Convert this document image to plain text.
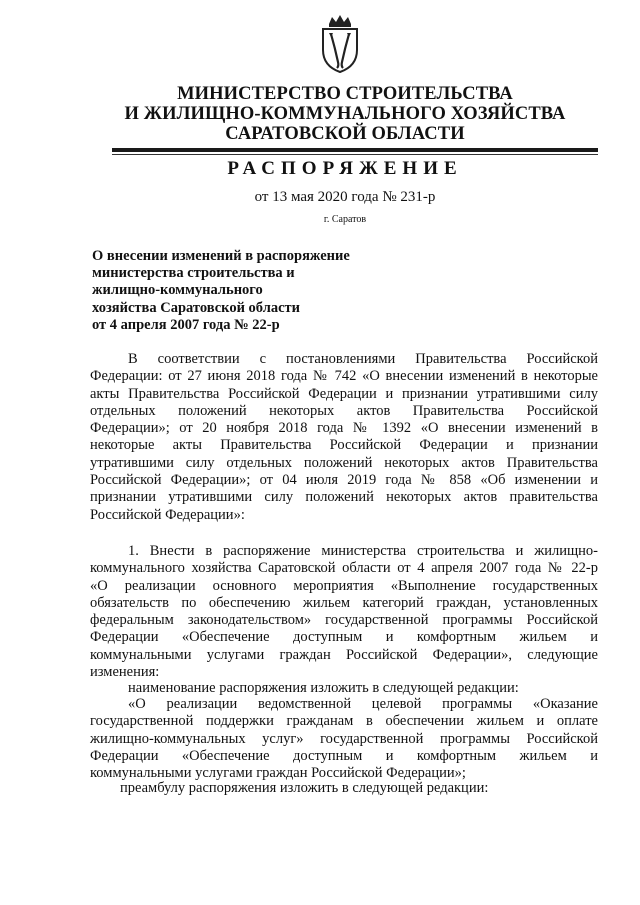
МИНИСТЕРСТВО СТРОИТЕЛЬСТВА
И ЖИЛИЩНО-КОММУНАЛЬНОГО ХОЗЯЙСТВА
САРАТОВСКОЙ ОБЛАСТИ
РАСПОРЯЖЕНИЕ
от 13 мая 2020 года № 231-р
г. Саратов
О внесении изменений в распоряжение
министерства строительства и
жилищно-коммунального
хозяйства Саратовской области
от 4 апреля 2007 года № 22-р
В соответствии с постановлениями Правительства Российской
Федерации: от 27 июня 2018 года № 742 «О внесении изменений в некоторые
акты Правительства Российской Федерации и признании утратившими силу
отдельных положений некоторых актов Правительства Российской
Федерации»; от 20 ноября 2018 года № 1392 «О внесении изменений в
некоторые акты Правительства Российской Федерации и признании
утратившими силу отдельных положений некоторых актов Правительства
Российской Федерации»; от 04 июля 2019 года № 858 «Об изменении и
признании утратившими силу положений некоторых актов правительства
Российской Федерации»:
1. Внести в распоряжение министерства строительства и жилищно-
коммунального хозяйства Саратовской области от 4 апреля 2007 года № 22-р
«О реализации основного мероприятия «Выполнение государственных
обязательств по обеспечению жильем категорий граждан, установленных
федеральным законодательством» государственной программы Российской
Федерации «Обеспечение доступным и комфортным жильем и
коммунальными услугами граждан Российской Федерации», следующие
изменения:
наименование распоряжения изложить в следующей редакции:
«О реализации ведомственной целевой программы «Оказание
государственной поддержки гражданам в обеспечении жильем и оплате
жилищно-коммунальных услуг» государственной программы Российской
Федерации «Обеспечение доступным и комфортным жильем и
коммунальными услугами граждан Российской Федерации»;
преамбулу распоряжения изложить в следующей редакции:
